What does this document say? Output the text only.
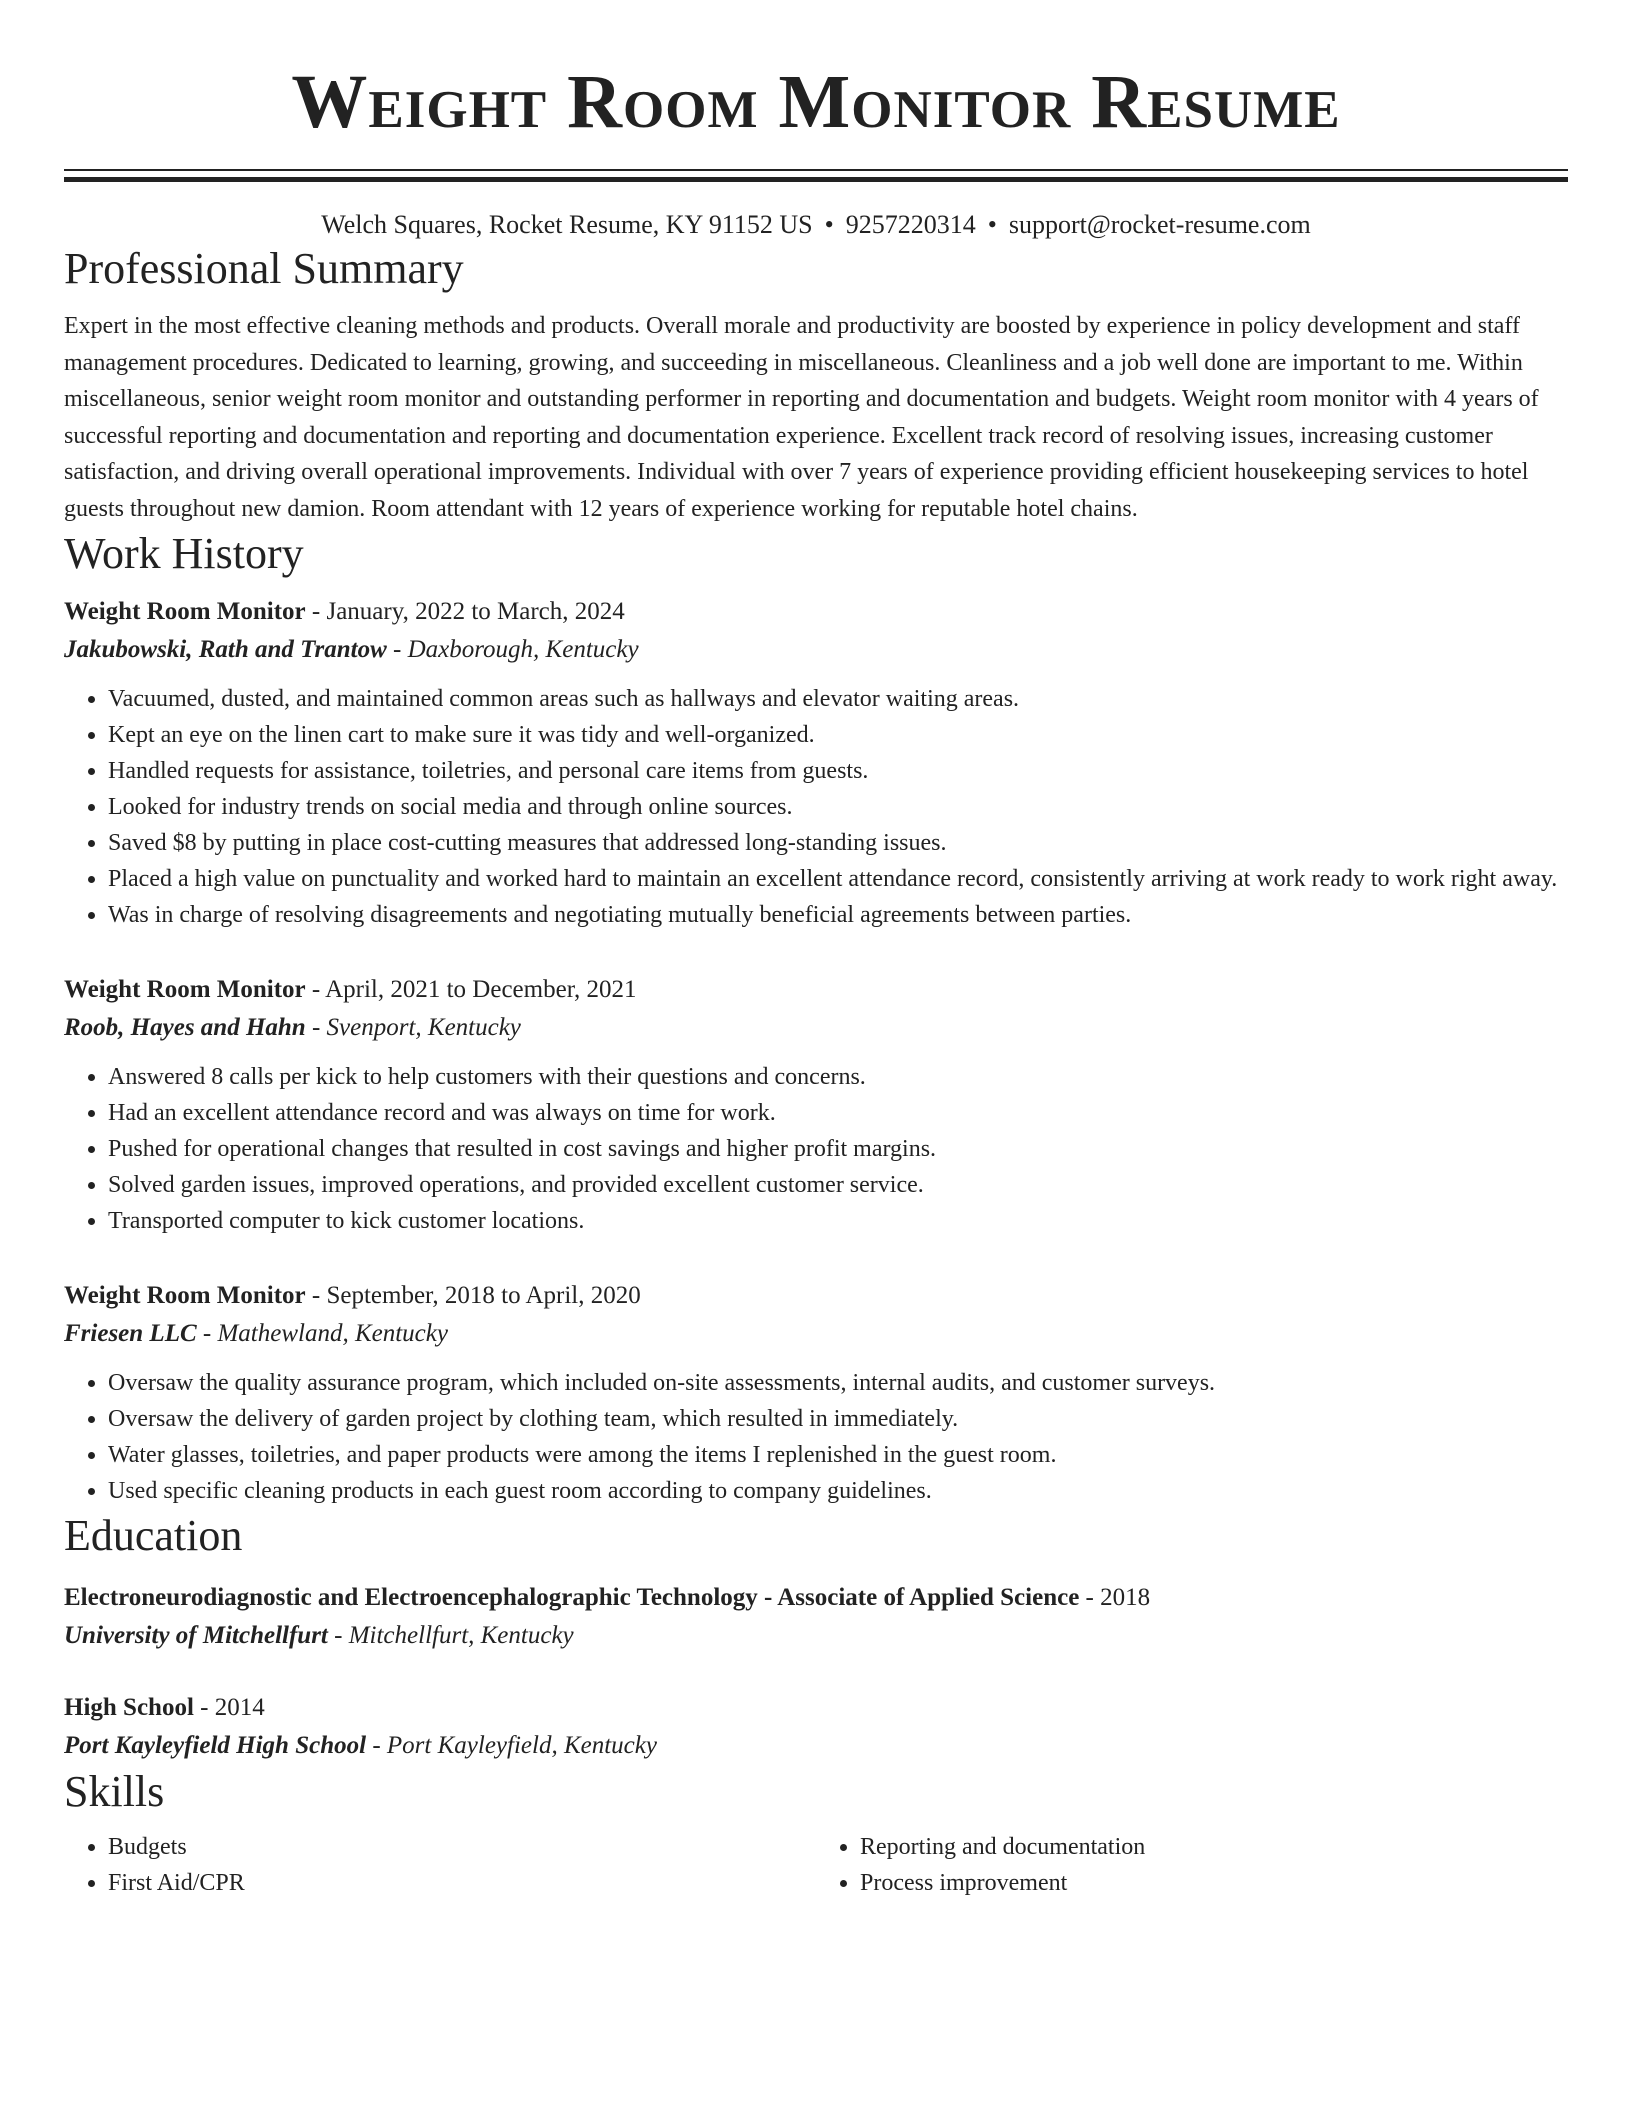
Weight Room Monitor Resume
Welch Squares, Rocket Resume, KY 91152 US • 9257220314 • support@rocket-resume.com
Professional Summary

Expert in the most effective cleaning methods and products. Overall morale and productivity are boosted by experience in policy development and staff management procedures. Dedicated to learning, growing, and succeeding in miscellaneous. Cleanliness and a job well done are important to me. Within miscellaneous, senior weight room monitor and outstanding performer in reporting and documentation and budgets. Weight room monitor with 4 years of successful reporting and documentation and reporting and documentation experience. Excellent track record of resolving issues, increasing customer satisfaction, and driving overall operational improvements. Individual with over 7 years of experience providing efficient housekeeping services to hotel guests throughout new damion. Room attendant with 12 years of experience working for reputable hotel chains.

Work History
Weight Room Monitor - January, 2022 to March, 2024
Jakubowski, Rath and Trantow - Daxborough, Kentucky
• Vacuumed, dusted, and maintained common areas such as hallways and elevator waiting areas.
• Kept an eye on the linen cart to make sure it was tidy and well-organized.
• Handled requests for assistance, toiletries, and personal care items from guests.
• Looked for industry trends on social media and through online sources.
• Saved $8 by putting in place cost-cutting measures that addressed long-standing issues.
• Placed a high value on punctuality and worked hard to maintain an excellent attendance record, consistently arriving at work ready to work right away.
• Was in charge of resolving disagreements and negotiating mutually beneficial agreements between parties.
Weight Room Monitor - April, 2021 to December, 2021
Roob, Hayes and Hahn - Svenport, Kentucky
• Answered 8 calls per kick to help customers with their questions and concerns.
• Had an excellent attendance record and was always on time for work.
• Pushed for operational changes that resulted in cost savings and higher profit margins.
• Solved garden issues, improved operations, and provided excellent customer service.
• Transported computer to kick customer locations.
Weight Room Monitor - September, 2018 to April, 2020
Friesen LLC - Mathewland, Kentucky
• Oversaw the quality assurance program, which included on-site assessments, internal audits, and customer surveys.
• Oversaw the delivery of garden project by clothing team, which resulted in immediately.
• Water glasses, toiletries, and paper products were among the items I replenished in the guest room.
• Used specific cleaning products in each guest room according to company guidelines.
Education
Electroneurodiagnostic and Electroencephalographic Technology - Associate of Applied Science - 2018
University of Mitchellfurt - Mitchellfurt, Kentucky
High School - 2014
Port Kayleyfield High School - Port Kayleyfield, Kentucky
Skills
• Budgets
• First Aid/CPR
• Reporting and documentation
• Process improvement
